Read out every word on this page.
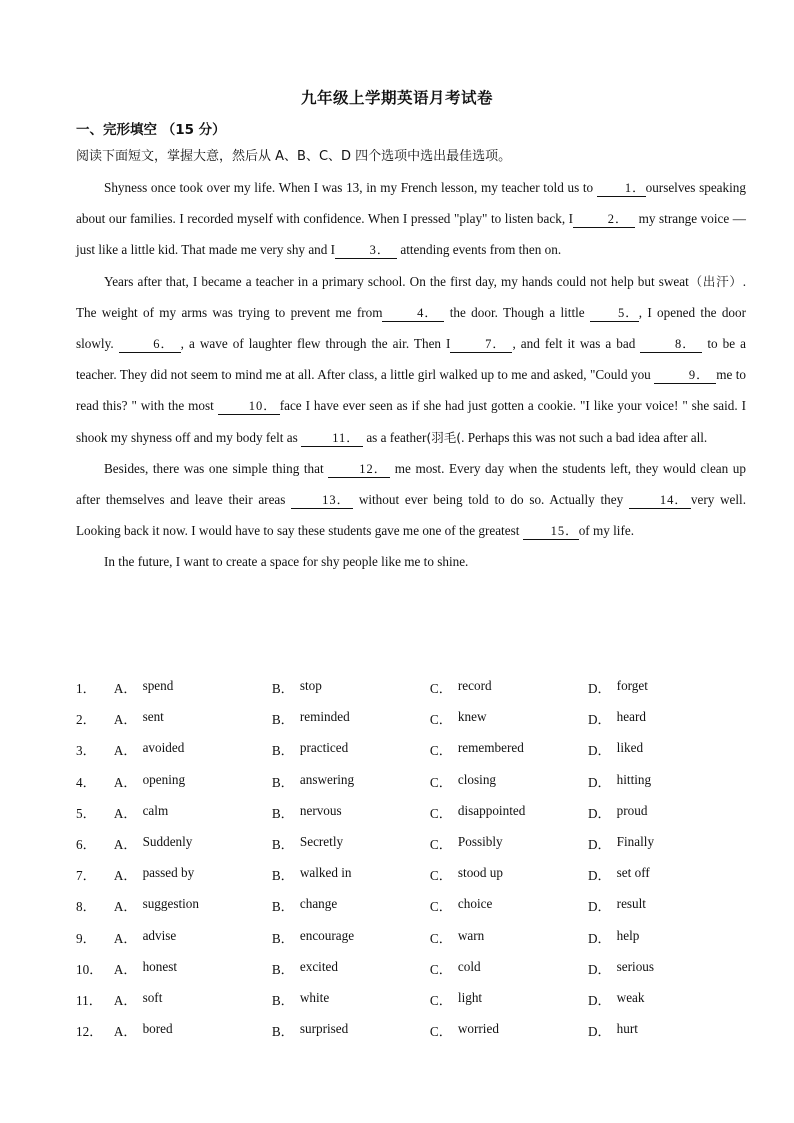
九年级上学期英语月考试卷
一、完形填空 （15 分）
阅读下面短文，掌握大意，然后从 A、B、C、D 四个选项中选出最佳选项。

Shyness once took over my life. When I was 13, in my French lesson, my teacher told us to 1．ourselves speaking about our families. I recorded myself with confidence. When I pressed "play" to listen back, I	2． my strange voice — just like a little kid. That made me very shy and I	3． attending events from then on.

Years after that, I became a teacher in a primary school. On the first day, my hands could not help but sweat（出汗）. The weight of my arms was trying to prevent me from	4． the door. Though a little 5．, I opened the door slowly.	6． , a wave of laughter flew through the air. Then I	7． , and felt it was a bad	8． to be a teacher. They did not seem to mind me at all. After class, a little girl walked up to me and asked, "Could you	9． me to read this? " with the most 10． face I have ever seen as if she had just gotten a cookie. "I like your voice! " she said. I shook my shyness off and my body felt as 11． as a feather(羽毛(. Perhaps this was not such a bad idea after all.

Besides, there was one simple thing that 12． me most. Every day when the students left, they would clean up after themselves and leave their areas 13． without ever being told to do so. Actually they 14． very well. Looking back it now. I would have to say these students gave me one of the greatest 15．of my life.

In the future, I want to create a space for shy people like me to shine.

1．	A． spend	B． stop	C． record	D． forget
2．	A． sent	B． reminded	C． knew	D． heard
3．	A． avoided	B． practiced	C． remembered	D． liked
4．	A． opening	B． answering	C． closing	D． hitting
5．	A． calm	B． nervous	C． disappointed	D． proud
6．	A． Suddenly	B． Secretly	C． Possibly	D． Finally
7．	A． passed by	B． walked in	C． stood up	D． set off
8．	A． suggestion	B． change	C． choice	D． result
9．	A． advise	B． encourage	C． warn	D． help
10． A． honest	B． excited	C． cold	D． serious
11． A． soft	B． white	C． light	D． weak
12． A． bored	B． surprised	C． worried	D． hurt
